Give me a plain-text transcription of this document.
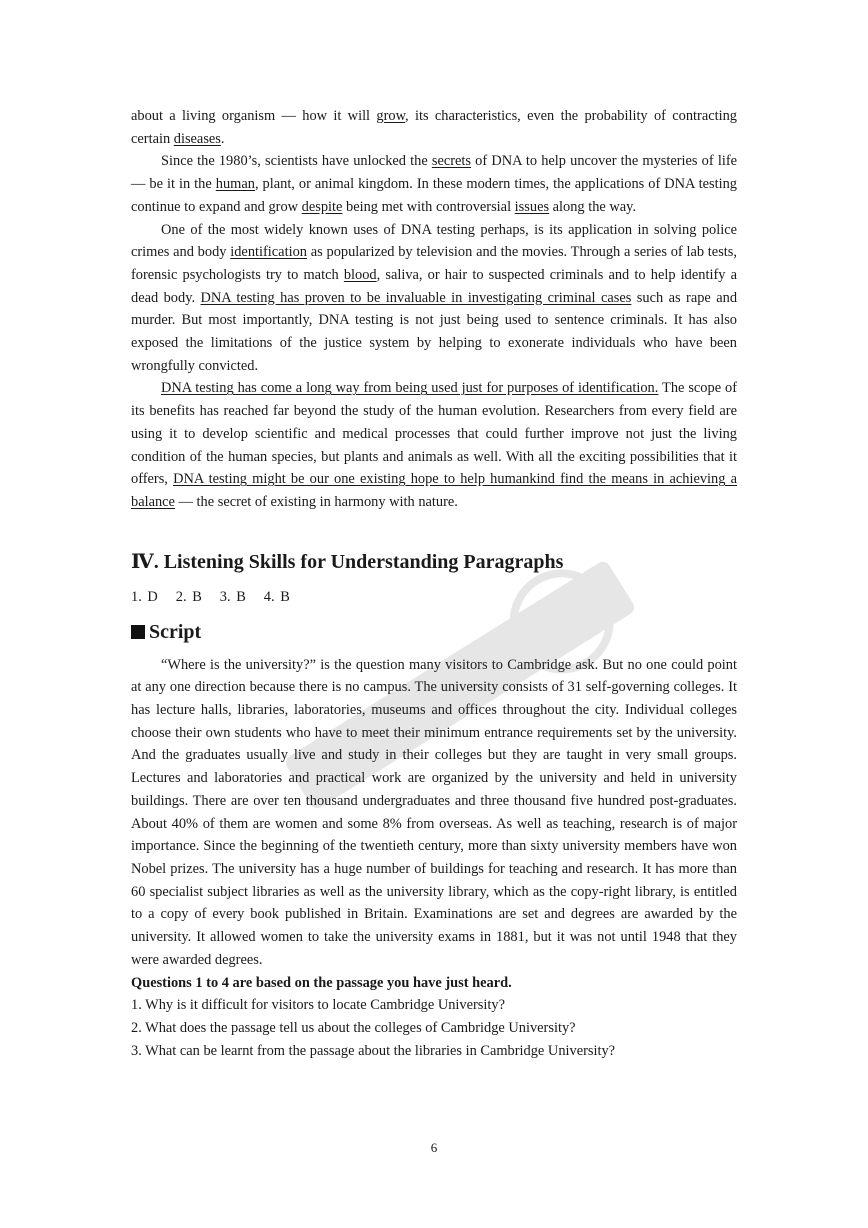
about a living organism — how it will grow, its characteristics, even the probability of contracting certain diseases.

Since the 1980’s, scientists have unlocked the secrets of DNA to help uncover the mysteries of life — be it in the human, plant, or animal kingdom. In these modern times, the applications of DNA testing continue to expand and grow despite being met with controversial issues along the way.

One of the most widely known uses of DNA testing perhaps, is its application in solving police crimes and body identification as popularized by television and the movies. Through a series of lab tests, forensic psychologists try to match blood, saliva, or hair to suspected criminals and to help identify a dead body. DNA testing has proven to be invaluable in investigating criminal cases such as rape and murder. But most importantly, DNA testing is not just being used to sentence criminals. It has also exposed the limitations of the justice system by helping to exonerate individuals who have been wrongfully convicted.

DNA testing has come a long way from being used just for purposes of identification. The scope of its benefits has reached far beyond the study of the human evolution. Researchers from every field are using it to develop scientific and medical processes that could further improve not just the living condition of the human species, but plants and animals as well. With all the exciting possibilities that it offers, DNA testing might be our one existing hope to help humankind find the means in achieving a balance — the secret of existing in harmony with nature.

Ⅳ. Listening Skills for Understanding Paragraphs

1. D 2. B 3. B 4. B

Script

“Where is the university?” is the question many visitors to Cambridge ask. But no one could point at any one direction because there is no campus. The university consists of 31 self-governing colleges. It has lecture halls, libraries, laboratories, museums and offices throughout the city. Individual colleges choose their own students who have to meet their minimum entrance requirements set by the university. And the graduates usually live and study in their colleges but they are taught in very small groups. Lectures and laboratories and practical work are organized by the university and held in university buildings. There are over ten thousand undergraduates and three thousand five hundred post-graduates. About 40% of them are women and some 8% from overseas. As well as teaching, research is of major importance. Since the beginning of the twentieth century, more than sixty university members have won Nobel prizes. The university has a huge number of buildings for teaching and research. It has more than 60 specialist subject libraries as well as the university library, which as the copy-right library, is entitled to a copy of every book published in Britain. Examinations are set and degrees are awarded by the university. It allowed women to take the university exams in 1881, but it was not until 1948 that they were awarded degrees.

Questions 1 to 4 are based on the passage you have just heard.

1. Why is it difficult for visitors to locate Cambridge University?

2. What does the passage tell us about the colleges of Cambridge University?

3. What can be learnt from the passage about the libraries in Cambridge University?

6
